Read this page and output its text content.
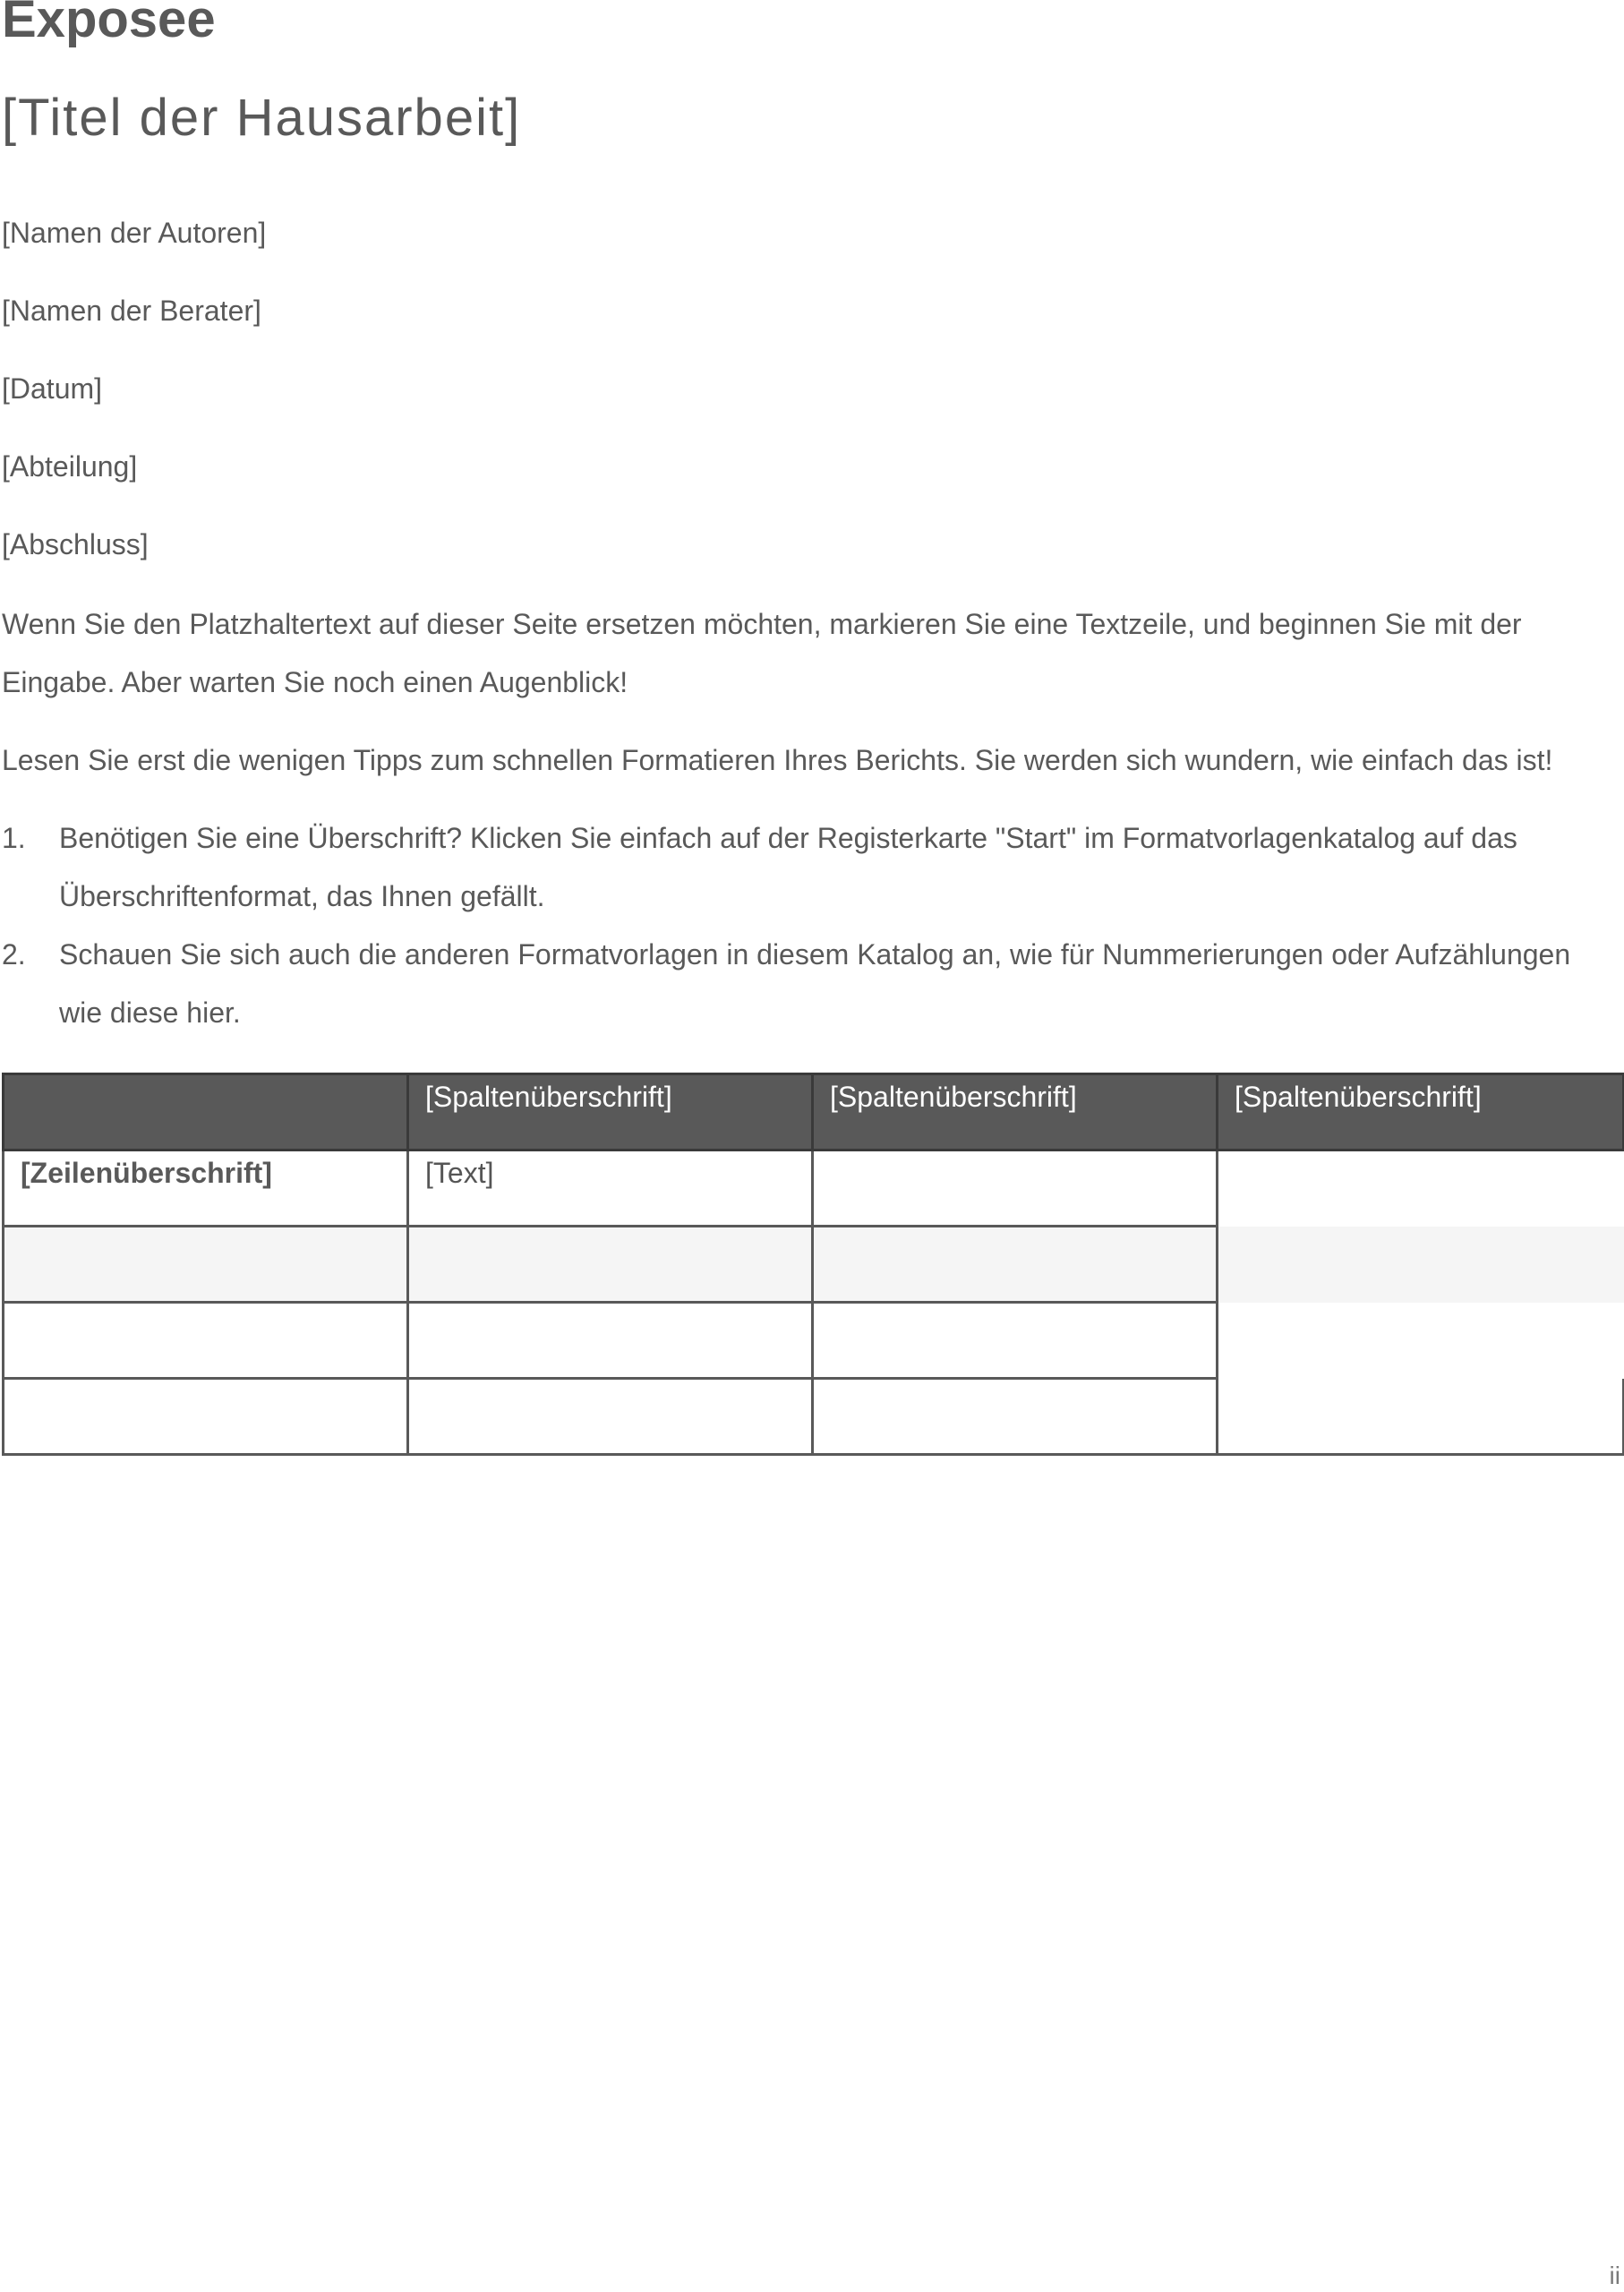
Exposee
[Titel der Hausarbeit]

[Namen der Autoren]

[Namen der Berater]

[Datum]

[Abteilung]

[Abschluss]

Wenn Sie den Platzhaltertext auf dieser Seite ersetzen möchten, markieren Sie eine Textzeile, und beginnen Sie mit der Eingabe. Aber warten Sie noch einen Augenblick!

Lesen Sie erst die wenigen Tipps zum schnellen Formatieren Ihres Berichts. Sie werden sich wundern, wie einfach das ist!

1. Benötigen Sie eine Überschrift? Klicken Sie einfach auf der Registerkarte "Start" im Formatvorlagenkatalog auf das Überschriftenformat, das Ihnen gefällt.
2. Schauen Sie sich auch die anderen Formatvorlagen in diesem Katalog an, wie für Nummerierungen oder Aufzählungen wie diese hier.
	[Spaltenüberschrift]	[Spaltenüberschrift]	[Spaltenüberschrift]
[Zeilenüberschrift]	[Text]		

ii
